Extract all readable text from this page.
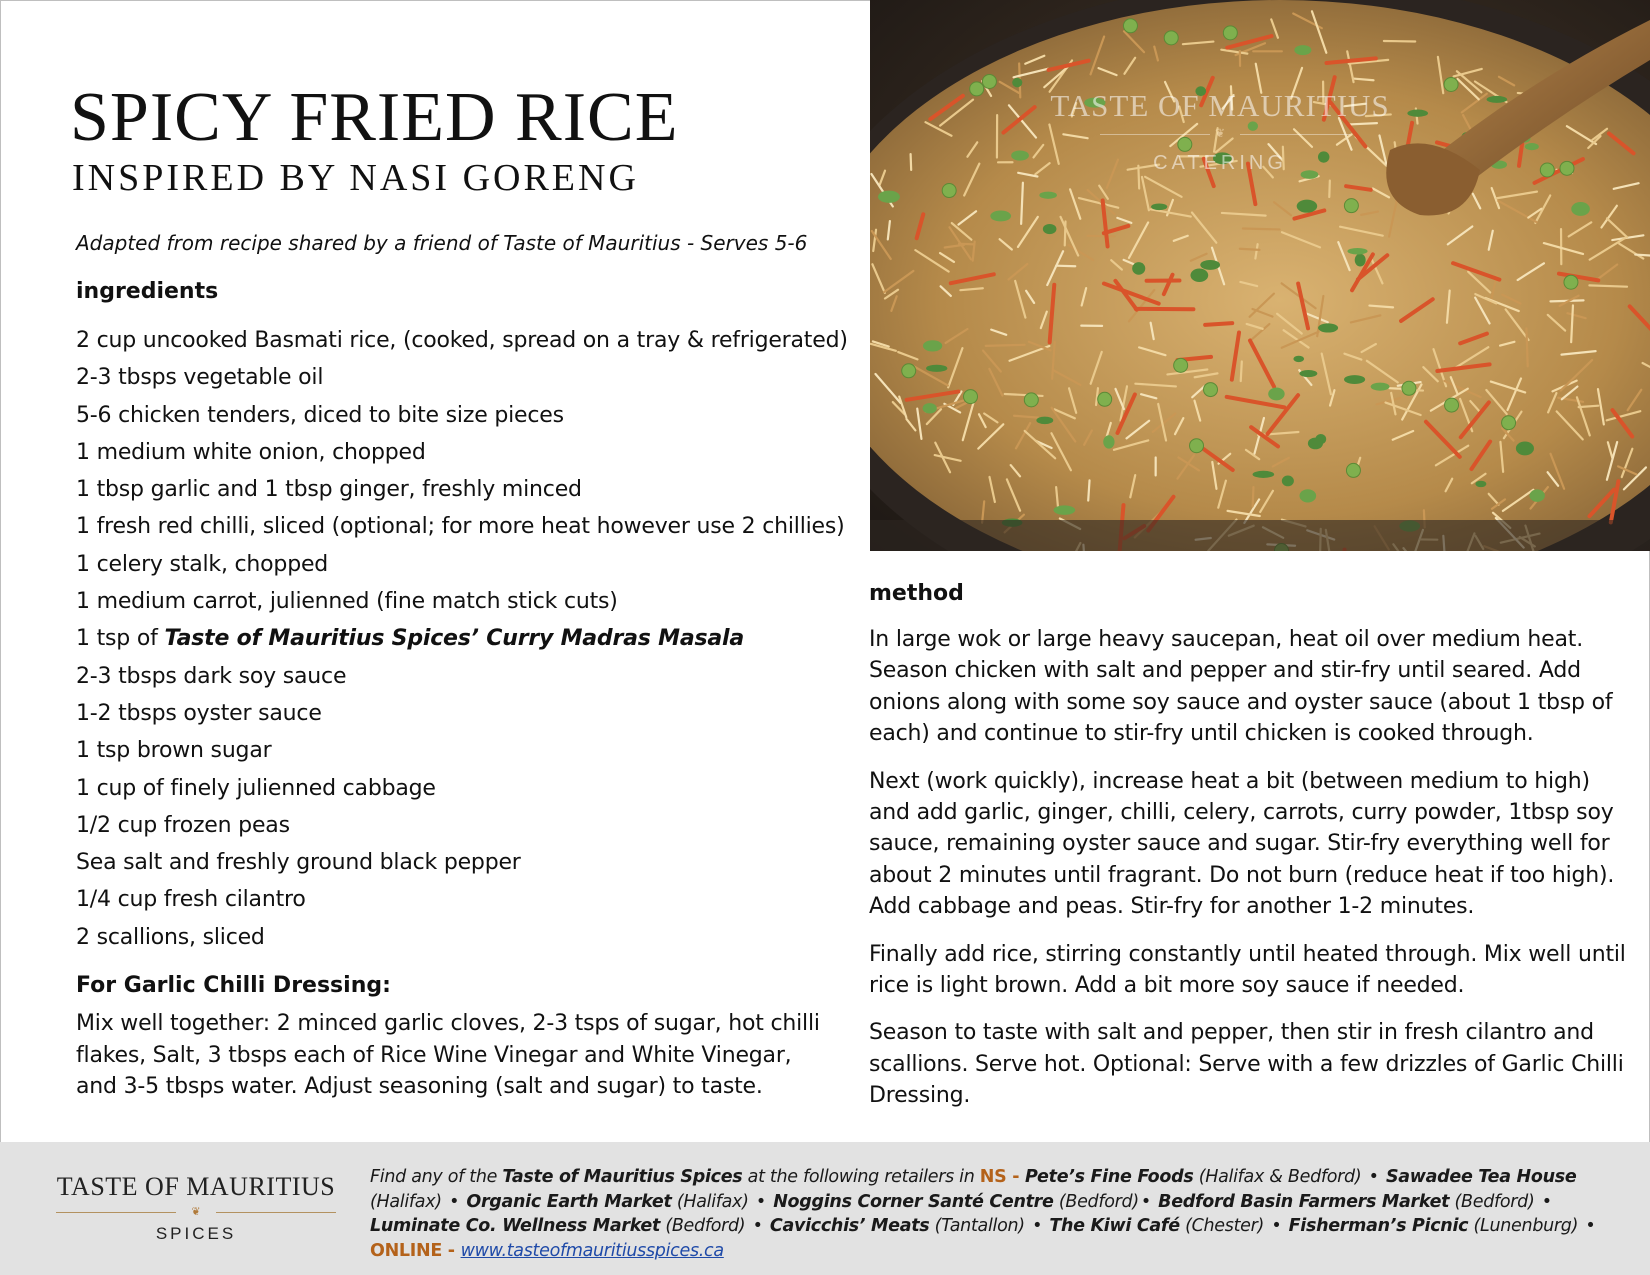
SPICY FRIED RICE
INSPIRED BY NASI GORENG
Adapted from recipe shared by a friend of Taste of Mauritius - Serves 5-6
ingredients
2 cup uncooked Basmati rice, (cooked, spread on a tray & refrigerated)
2-3 tbsps vegetable oil
5-6 chicken tenders, diced to bite size pieces
1 medium white onion, chopped
1 tbsp garlic and 1 tbsp ginger, freshly minced
1 fresh red chilli, sliced (optional; for more heat however use 2 chillies)
1 celery stalk, chopped
1 medium carrot, julienned (fine match stick cuts)
1 tsp of Taste of Mauritius Spices’ Curry Madras Masala
2-3 tbsps dark soy sauce
1-2 tbsps oyster sauce
1 tsp brown sugar
1 cup of finely julienned cabbage
1/2 cup frozen peas
Sea salt and freshly ground black pepper
1/4 cup fresh cilantro
2 scallions, sliced
For Garlic Chilli Dressing:

Mix well together: 2 minced garlic cloves, 2-3 tsps of sugar, hot chilli flakes, Salt, 3 tbsps each of Rice Wine Vinegar and White Vinegar, and 3-5 tbsps water. Adjust seasoning (salt and sugar) to taste.

TASTE OF MAURITIUS
❦
CATERING
method

In large wok or large heavy saucepan, heat oil over medium heat. Season chicken with salt and pepper and stir-fry until seared. Add onions along with some soy sauce and oyster sauce (about 1 tbsp of each) and continue to stir-fry until chicken is cooked through.

Next (work quickly), increase heat a bit (between medium to high) and add garlic, ginger, chilli, celery, carrots, curry powder, 1tbsp soy sauce, remaining oyster sauce and sugar. Stir-fry everything well for about 2 minutes until fragrant. Do not burn (reduce heat if too high). Add cabbage and peas. Stir-fry for another 1-2 minutes.

Finally add rice, stirring constantly until heated through. Mix well until rice is light brown. Add a bit more soy sauce if needed.

Season to taste with salt and pepper, then stir in fresh cilantro and scallions. Serve hot. Optional: Serve with a few drizzles of Garlic Chilli Dressing.

TASTE OF MAURITIUS
❦
SPICES

Find any of the Taste of Mauritius Spices at the following retailers in NS - Pete’s Fine Foods (Halifax & Bedford) • Sawadee Tea House (Halifax) • Organic Earth Market (Halifax) • Noggins Corner Santé Centre (Bedford) • Bedford Basin Farmers Market (Bedford) • Luminate Co. Wellness Market (Bedford) • Cavicchis’ Meats (Tantallon) • The Kiwi Café (Chester) • Fisherman’s Picnic (Lunenburg) • ONLINE - www.tasteofmauritiusspices.ca
